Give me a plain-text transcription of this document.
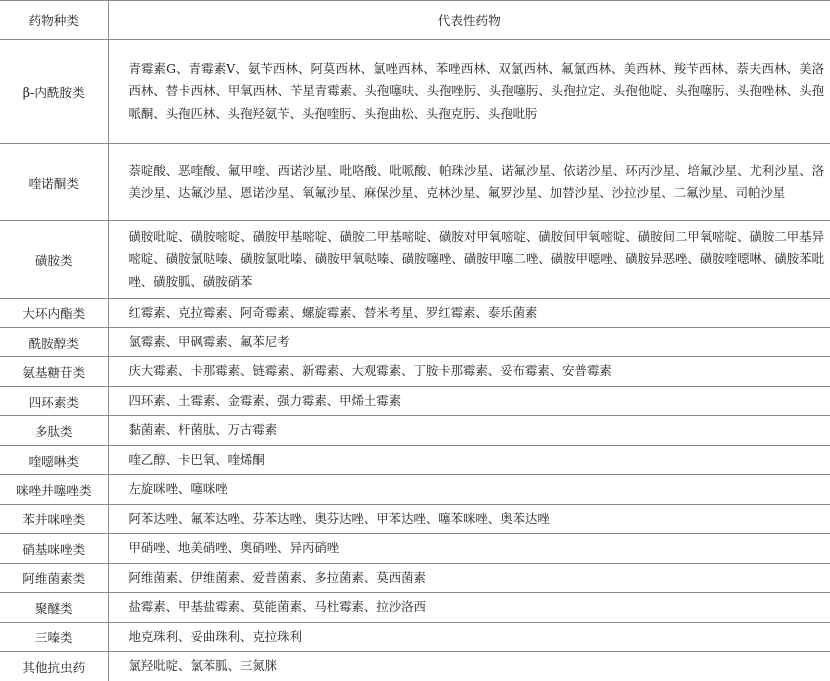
药物种类	代表性药物
β-内酰胺类	青霉素G、青霉素V、氨苄西林、阿莫西林、氯唑西林、苯唑西林、双氯西林、氟氯西林、美西林、羧苄西林、萘夫西林、美洛西林、替卡西林、甲氧西林、苄星青霉素、头孢噻呋、头孢唑肟、头孢噻肟、头孢拉定、头孢他啶、头孢噻肟、头孢唑林、头孢哌酮、头孢匹林、头孢羟氨苄、头孢喹肟、头孢曲松、头孢克肟、头孢吡肟
喹诺酮类	萘啶酸、恶喹酸、氟甲喹、西诺沙星、吡咯酸、吡哌酸、帕珠沙星、诺氟沙星、依诺沙星、环丙沙星、培氟沙星、尤利沙星、洛美沙星、达氟沙星、恩诺沙星、氧氟沙星、麻保沙星、克林沙星、氟罗沙星、加替沙星、沙拉沙星、二氟沙星、司帕沙星
磺胺类	磺胺吡啶、磺胺嘧啶、磺胺甲基嘧啶、磺胺二甲基嘧啶、磺胺对甲氧嘧啶、磺胺间甲氧嘧啶、磺胺间二甲氧嘧啶、磺胺二甲基异嘧啶、磺胺氯哒嗪、磺胺氯吡嗪、磺胺甲氧哒嗪、磺胺噻唑、磺胺甲噻二唑、磺胺甲噁唑、磺胺异恶唑、磺胺喹噁啉、磺胺苯吡唑、磺胺胍、磺胺硝苯
大环内酯类	红霉素、克拉霉素、阿奇霉素、螺旋霉素、替米考星、罗红霉素、泰乐菌素
酰胺醇类	氯霉素、甲砜霉素、氟苯尼考
氨基糖苷类	庆大霉素、卡那霉素、链霉素、新霉素、大观霉素、丁胺卡那霉素、妥布霉素、安普霉素
四环素类	四环素、土霉素、金霉素、强力霉素、甲烯土霉素
多肽类	黏菌素、杆菌肽、万古霉素
喹噁啉类	喹乙醇、卡巴氧、喹烯酮
咪唑并噻唑类	左旋咪唑、噻咪唑
苯并咪唑类	阿苯达唑、氟苯达唑、芬苯达唑、奥芬达唑、甲苯达唑、噻苯咪唑、奥苯达唑
硝基咪唑类	甲硝唑、地美硝唑、奥硝唑、异丙硝唑
阿维菌素类	阿维菌素、伊维菌素、爱普菌素、多拉菌素、莫西菌素
聚醚类	盐霉素、甲基盐霉素、莫能菌素、马杜霉素、拉沙洛西
三嗪类	地克珠利、妥曲珠利、克拉珠利
其他抗虫药	氯羟吡啶、氯苯胍、三氮脒
